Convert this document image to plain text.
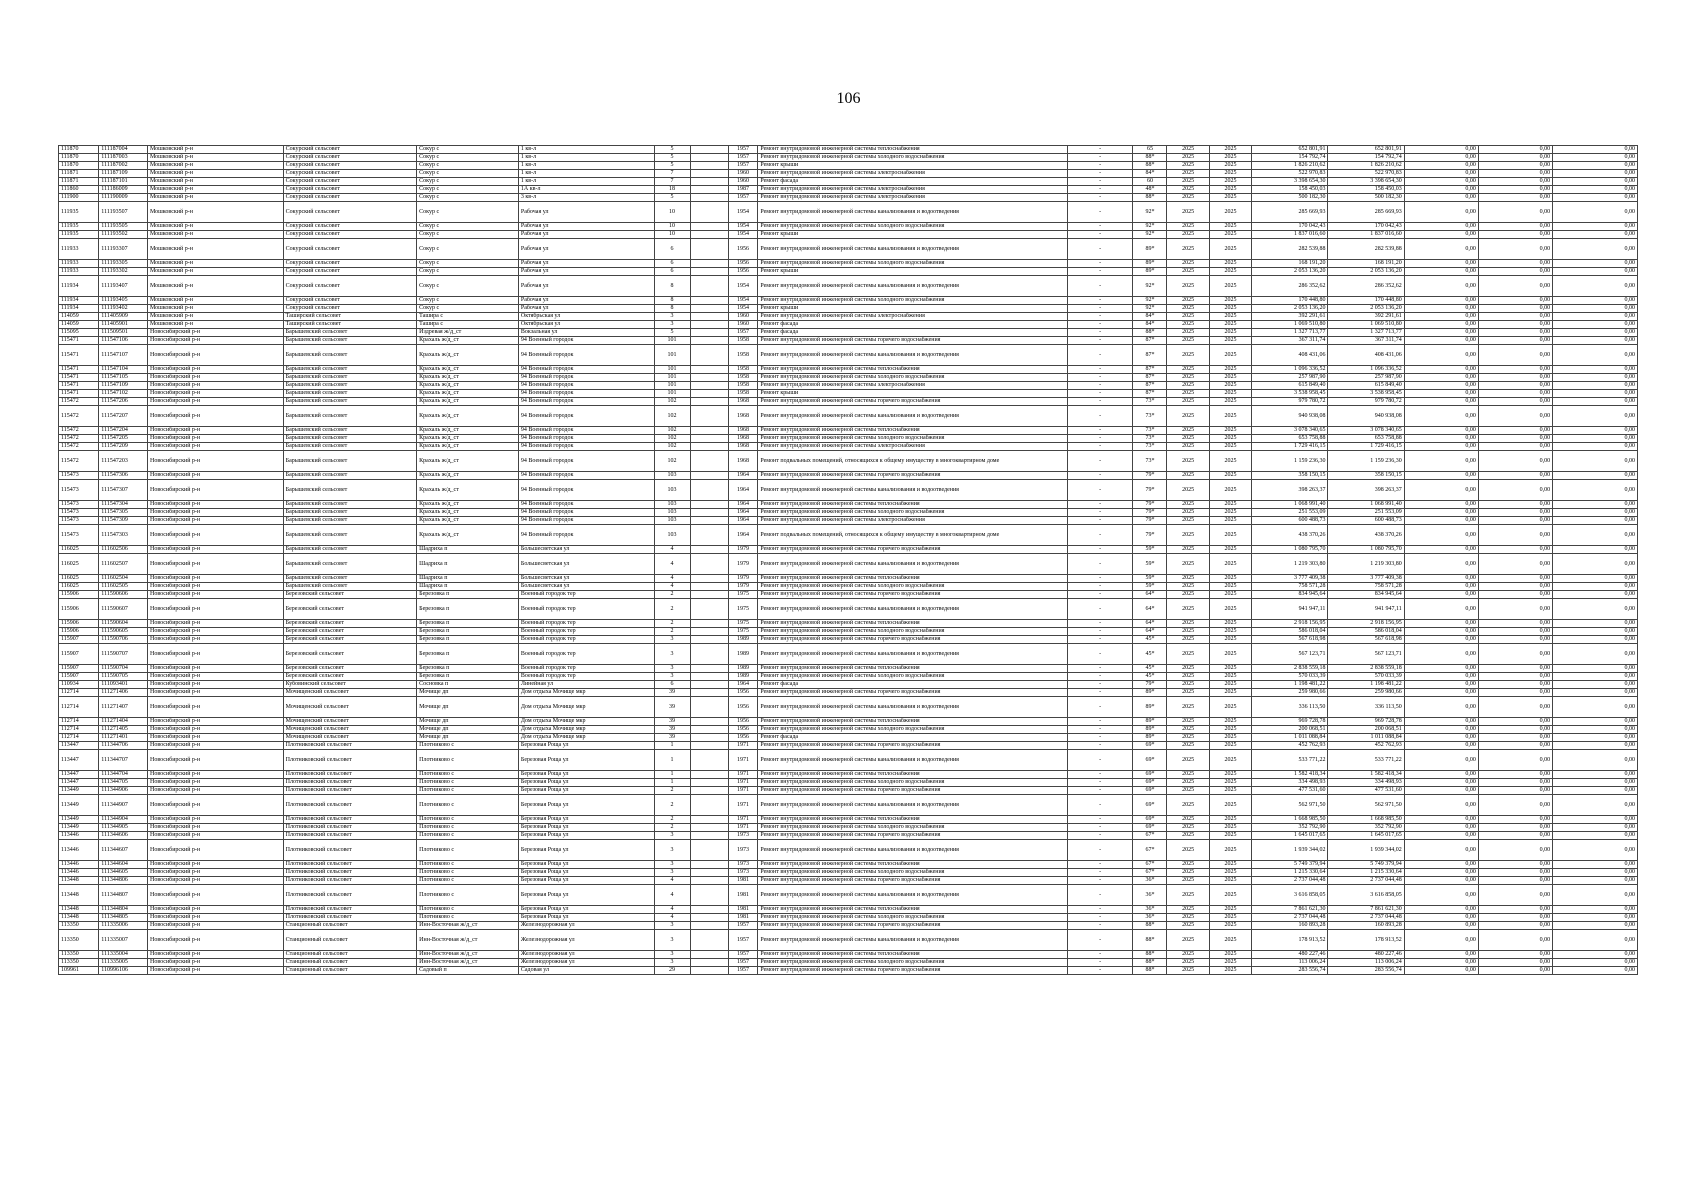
106
111870	111187004	Мошковский р-н	Сокурский сельсовет	Сокур с	1 кв-л	5		1957	Ремонт внутридомовой инженерной системы теплоснабжения	-	65	2025	2025	652 801,91	652 801,91	0,00	0,00	0,00
111870	111187003	Мошковский р-н	Сокурский сельсовет	Сокур с	1 кв-л	5		1957	Ремонт внутридомовой инженерной системы холодного водоснабжения	-	88*	2025	2025	154 792,74	154 792,74	0,00	0,00	0,00
111870	111187002	Мошковский р-н	Сокурский сельсовет	Сокур с	1 кв-л	5		1957	Ремонт крыши	-	88*	2025	2025	1 826 210,62	1 826 210,62	0,00	0,00	0,00
111871	111187109	Мошковский р-н	Сокурский сельсовет	Сокур с	1 кв-л	7		1960	Ремонт внутридомовой инженерной системы электроснабжения	-	84*	2025	2025	522 970,83	522 970,83	0,00	0,00	0,00
111871	111187101	Мошковский р-н	Сокурский сельсовет	Сокур с	1 кв-л	7		1960	Ремонт фасада	-	60	2025	2025	3 398 654,30	3 398 654,30	0,00	0,00	0,00
111860	111186009	Мошковский р-н	Сокурский сельсовет	Сокур с	1А кв-л	18		1987	Ремонт внутридомовой инженерной системы электроснабжения	-	48*	2025	2025	158 450,03	158 450,03	0,00	0,00	0,00
111900	111190009	Мошковский р-н	Сокурский сельсовет	Сокур с	3 кв-л	5		1957	Ремонт внутридомовой инженерной системы электроснабжения	-	88*	2025	2025	500 182,30	500 182,30	0,00	0,00	0,00
111935	111193507	Мошковский р-н	Сокурский сельсовет	Сокур с	Рабочая ул	10		1954	Ремонт внутридомовой инженерной системы канализования и водоотведения	-	92*	2025	2025	285 669,93	285 669,93	0,00	0,00	0,00
111935	111193505	Мошковский р-н	Сокурский сельсовет	Сокур с	Рабочая ул	10		1954	Ремонт внутридомовой инженерной системы холодного водоснабжения	-	92*	2025	2025	170 042,43	170 042,43	0,00	0,00	0,00
111935	111193502	Мошковский р-н	Сокурский сельсовет	Сокур с	Рабочая ул	10		1954	Ремонт крыши	-	92*	2025	2025	1 837 016,60	1 837 016,60	0,00	0,00	0,00
111933	111193307	Мошковский р-н	Сокурский сельсовет	Сокур с	Рабочая ул	6		1956	Ремонт внутридомовой инженерной системы канализования и водоотведения	-	89*	2025	2025	282 539,88	282 539,88	0,00	0,00	0,00
111933	111193305	Мошковский р-н	Сокурский сельсовет	Сокур с	Рабочая ул	6		1956	Ремонт внутридомовой инженерной системы холодного водоснабжения	-	89*	2025	2025	168 191,20	168 191,20	0,00	0,00	0,00
111933	111193302	Мошковский р-н	Сокурский сельсовет	Сокур с	Рабочая ул	6		1956	Ремонт крыши	-	89*	2025	2025	2 053 136,20	2 053 136,20	0,00	0,00	0,00
111934	111193407	Мошковский р-н	Сокурский сельсовет	Сокур с	Рабочая ул	8		1954	Ремонт внутридомовой инженерной системы канализования и водоотведения	-	92*	2025	2025	286 352,62	286 352,62	0,00	0,00	0,00
111934	111193405	Мошковский р-н	Сокурский сельсовет	Сокур с	Рабочая ул	8		1954	Ремонт внутридомовой инженерной системы холодного водоснабжения	-	92*	2025	2025	170 448,80	170 448,80	0,00	0,00	0,00
111934	111193402	Мошковский р-н	Сокурский сельсовет	Сокур с	Рабочая ул	8		1954	Ремонт крыши	-	92*	2025	2025	2 053 136,20	2 053 136,20	0,00	0,00	0,00
114059	111405909	Мошковский р-н	Таширский сельсовет	Ташира с	Октябрьская ул	3		1960	Ремонт внутридомовой инженерной системы электроснабжения	-	84*	2025	2025	392 291,61	392 291,61	0,00	0,00	0,00
114059	111405901	Мошковский р-н	Таширский сельсовет	Ташира с	Октябрьская ул	3		1960	Ремонт фасада	-	84*	2025	2025	1 069 510,80	1 069 510,80	0,00	0,00	0,00
115095	111509501	Новосибирский р-н	Барышевский сельсовет	Издревая ж/д_ст	Вокзальная ул	5		1957	Ремонт фасада	-	88*	2025	2025	1 327 713,77	1 327 713,77	0,00	0,00	0,00
115471	111547106	Новосибирский р-н	Барышевский сельсовет	Крахаль ж/д_ст	94 Военный городок	101		1958	Ремонт внутридомовой инженерной системы горячего водоснабжения	-	87*	2025	2025	367 311,74	367 311,74	0,00	0,00	0,00
115471	111547107	Новосибирский р-н	Барышевский сельсовет	Крахаль ж/д_ст	94 Военный городок	101		1958	Ремонт внутридомовой инженерной системы канализования и водоотведения	-	87*	2025	2025	408 431,06	408 431,06	0,00	0,00	0,00
115471	111547104	Новосибирский р-н	Барышевский сельсовет	Крахаль ж/д_ст	94 Военный городок	101		1958	Ремонт внутридомовой инженерной системы теплоснабжения	-	87*	2025	2025	1 096 336,52	1 096 336,52	0,00	0,00	0,00
115471	111547105	Новосибирский р-н	Барышевский сельсовет	Крахаль ж/д_ст	94 Военный городок	101		1958	Ремонт внутридомовой инженерной системы холодного водоснабжения	-	87*	2025	2025	257 987,90	257 987,90	0,00	0,00	0,00
115471	111547109	Новосибирский р-н	Барышевский сельсовет	Крахаль ж/д_ст	94 Военный городок	101		1958	Ремонт внутридомовой инженерной системы электроснабжения	-	87*	2025	2025	615 849,40	615 849,40	0,00	0,00	0,00
115471	111547102	Новосибирский р-н	Барышевский сельсовет	Крахаль ж/д_ст	94 Военный городок	101		1958	Ремонт крыши	-	87*	2025	2025	3 538 958,45	3 538 958,45	0,00	0,00	0,00
115472	111547206	Новосибирский р-н	Барышевский сельсовет	Крахаль ж/д_ст	94 Военный городок	102		1968	Ремонт внутридомовой инженерной системы горячего водоснабжения	-	73*	2025	2025	979 780,72	979 780,72	0,00	0,00	0,00
115472	111547207	Новосибирский р-н	Барышевский сельсовет	Крахаль ж/д_ст	94 Военный городок	102		1968	Ремонт внутридомовой инженерной системы канализования и водоотведения	-	73*	2025	2025	940 938,08	940 938,08	0,00	0,00	0,00
115472	111547204	Новосибирский р-н	Барышевский сельсовет	Крахаль ж/д_ст	94 Военный городок	102		1968	Ремонт внутридомовой инженерной системы теплоснабжения	-	73*	2025	2025	3 078 340,65	3 078 340,65	0,00	0,00	0,00
115472	111547205	Новосибирский р-н	Барышевский сельсовет	Крахаль ж/д_ст	94 Военный городок	102		1968	Ремонт внутридомовой инженерной системы холодного водоснабжения	-	73*	2025	2025	653 758,88	653 758,88	0,00	0,00	0,00
115472	111547209	Новосибирский р-н	Барышевский сельсовет	Крахаль ж/д_ст	94 Военный городок	102		1968	Ремонт внутридомовой инженерной системы электроснабжения	-	73*	2025	2025	1 729 416,15	1 729 416,15	0,00	0,00	0,00
115472	111547203	Новосибирский р-н	Барышевский сельсовет	Крахаль ж/д_ст	94 Военный городок	102		1968	Ремонт подвальных помещений, относящихся к общему имуществу в многоквартирном доме	-	73*	2025	2025	1 159 236,30	1 159 236,30	0,00	0,00	0,00
115473	111547306	Новосибирский р-н	Барышевский сельсовет	Крахаль ж/д_ст	94 Военный городок	103		1964	Ремонт внутридомовой инженерной системы горячего водоснабжения	-	79*	2025	2025	358 150,15	358 150,15	0,00	0,00	0,00
115473	111547307	Новосибирский р-н	Барышевский сельсовет	Крахаль ж/д_ст	94 Военный городок	103		1964	Ремонт внутридомовой инженерной системы канализования и водоотведения	-	79*	2025	2025	398 263,37	398 263,37	0,00	0,00	0,00
115473	111547304	Новосибирский р-н	Барышевский сельсовет	Крахаль ж/д_ст	94 Военный городок	103		1964	Ремонт внутридомовой инженерной системы теплоснабжения	-	79*	2025	2025	1 068 991,40	1 068 991,40	0,00	0,00	0,00
115473	111547305	Новосибирский р-н	Барышевский сельсовет	Крахаль ж/д_ст	94 Военный городок	103		1964	Ремонт внутридомовой инженерной системы холодного водоснабжения	-	79*	2025	2025	251 553,09	251 553,09	0,00	0,00	0,00
115473	111547309	Новосибирский р-н	Барышевский сельсовет	Крахаль ж/д_ст	94 Военный городок	103		1964	Ремонт внутридомовой инженерной системы электроснабжения	-	79*	2025	2025	600 488,73	600 488,73	0,00	0,00	0,00
115473	111547303	Новосибирский р-н	Барышевский сельсовет	Крахаль ж/д_ст	94 Военный городок	103		1964	Ремонт подвальных помещений, относящихся к общему имуществу в многоквартирном доме	-	79*	2025	2025	438 370,26	438 370,26	0,00	0,00	0,00
116025	111602506	Новосибирский р-н	Барышевский сельсовет	Шадриха п	Большесветская ул	4		1979	Ремонт внутридомовой инженерной системы горячего водоснабжения	-	59*	2025	2025	1 080 795,70	1 080 795,70	0,00	0,00	0,00
116025	111602507	Новосибирский р-н	Барышевский сельсовет	Шадриха п	Большесветская ул	4		1979	Ремонт внутридомовой инженерной системы канализования и водоотведения	-	59*	2025	2025	1 219 303,80	1 219 303,80	0,00	0,00	0,00
116025	111602504	Новосибирский р-н	Барышевский сельсовет	Шадриха п	Большесветская ул	4		1979	Ремонт внутридомовой инженерной системы теплоснабжения	-	59*	2025	2025	3 777 409,38	3 777 409,38	0,00	0,00	0,00
116025	111602505	Новосибирский р-н	Барышевский сельсовет	Шадриха п	Большесветская ул	4		1979	Ремонт внутридомовой инженерной системы холодного водоснабжения	-	59*	2025	2025	758 571,28	758 571,28	0,00	0,00	0,00
115906	111590606	Новосибирский р-н	Березовский сельсовет	Березовка п	Военный городок тер	2		1975	Ремонт внутридомовой инженерной системы горячего водоснабжения	-	64*	2025	2025	834 945,64	834 945,64	0,00	0,00	0,00
115906	111590607	Новосибирский р-н	Березовский сельсовет	Березовка п	Военный городок тер	2		1975	Ремонт внутридомовой инженерной системы канализования и водоотведения	-	64*	2025	2025	941 947,11	941 947,11	0,00	0,00	0,00
115906	111590604	Новосибирский р-н	Березовский сельсовет	Березовка п	Военный городок тер	2		1975	Ремонт внутридомовой инженерной системы теплоснабжения	-	64*	2025	2025	2 918 156,95	2 918 156,95	0,00	0,00	0,00
115906	111590605	Новосибирский р-н	Березовский сельсовет	Березовка п	Военный городок тер	2		1975	Ремонт внутридомовой инженерной системы холодного водоснабжения	-	64*	2025	2025	586 018,04	586 018,04	0,00	0,00	0,00
115907	111590706	Новосибирский р-н	Березовский сельсовет	Березовка п	Военный городок тер	3		1989	Ремонт внутридомовой инженерной системы горячего водоснабжения	-	45*	2025	2025	567 618,98	567 618,98	0,00	0,00	0,00
115907	111590707	Новосибирский р-н	Березовский сельсовет	Березовка п	Военный городок тер	3		1989	Ремонт внутридомовой инженерной системы канализования и водоотведения	-	45*	2025	2025	567 123,71	567 123,71	0,00	0,00	0,00
115907	111590704	Новосибирский р-н	Березовский сельсовет	Березовка п	Военный городок тер	3		1989	Ремонт внутридомовой инженерной системы теплоснабжения	-	45*	2025	2025	2 838 559,18	2 838 559,18	0,00	0,00	0,00
115907	111590705	Новосибирский р-н	Березовский сельсовет	Березовка п	Военный городок тер	3		1989	Ремонт внутридомовой инженерной системы холодного водоснабжения	-	45*	2025	2025	570 033,39	570 033,39	0,00	0,00	0,00
110934	111093401	Новосибирский р-н	Кубовинский сельсовет	Сосновка п	Линейная ул	6		1964	Ремонт фасада	-	79*	2025	2025	1 198 481,22	1 198 481,22	0,00	0,00	0,00
112714	111271406	Новосибирский р-н	Мочищенский сельсовет	Мочище дп	Дом отдыха Мочище мкр	39		1956	Ремонт внутридомовой инженерной системы горячего водоснабжения	-	89*	2025	2025	259 980,66	259 980,66	0,00	0,00	0,00
112714	111271407	Новосибирский р-н	Мочищенский сельсовет	Мочище дп	Дом отдыха Мочище мкр	39		1956	Ремонт внутридомовой инженерной системы канализования и водоотведения	-	89*	2025	2025	336 113,50	336 113,50	0,00	0,00	0,00
112714	111271404	Новосибирский р-н	Мочищенский сельсовет	Мочище дп	Дом отдыха Мочище мкр	39		1956	Ремонт внутридомовой инженерной системы теплоснабжения	-	89*	2025	2025	969 728,78	969 728,78	0,00	0,00	0,00
112714	111271405	Новосибирский р-н	Мочищенский сельсовет	Мочище дп	Дом отдыха Мочище мкр	39		1956	Ремонт внутридомовой инженерной системы холодного водоснабжения	-	89*	2025	2025	200 068,51	200 068,51	0,00	0,00	0,00
112714	111271401	Новосибирский р-н	Мочищенский сельсовет	Мочище дп	Дом отдыха Мочище мкр	39		1956	Ремонт фасада	-	89*	2025	2025	1 011 088,84	1 011 088,84	0,00	0,00	0,00
113447	111344706	Новосибирский р-н	Плотниковский сельсовет	Плотниково с	Березовая Роща ул	1		1971	Ремонт внутридомовой инженерной системы горячего водоснабжения	-	69*	2025	2025	452 762,93	452 762,93	0,00	0,00	0,00
113447	111344707	Новосибирский р-н	Плотниковский сельсовет	Плотниково с	Березовая Роща ул	1		1971	Ремонт внутридомовой инженерной системы канализования и водоотведения	-	69*	2025	2025	533 771,22	533 771,22	0,00	0,00	0,00
113447	111344704	Новосибирский р-н	Плотниковский сельсовет	Плотниково с	Березовая Роща ул	1		1971	Ремонт внутридомовой инженерной системы теплоснабжения	-	69*	2025	2025	1 582 418,34	1 582 418,34	0,00	0,00	0,00
113447	111344705	Новосибирский р-н	Плотниковский сельсовет	Плотниково с	Березовая Роща ул	1		1971	Ремонт внутридомовой инженерной системы холодного водоснабжения	-	69*	2025	2025	334 498,93	334 498,93	0,00	0,00	0,00
113449	111344906	Новосибирский р-н	Плотниковский сельсовет	Плотниково с	Березовая Роща ул	2		1971	Ремонт внутридомовой инженерной системы горячего водоснабжения	-	69*	2025	2025	477 531,60	477 531,60	0,00	0,00	0,00
113449	111344907	Новосибирский р-н	Плотниковский сельсовет	Плотниково с	Березовая Роща ул	2		1971	Ремонт внутридомовой инженерной системы канализования и водоотведения	-	69*	2025	2025	562 971,50	562 971,50	0,00	0,00	0,00
113449	111344904	Новосибирский р-н	Плотниковский сельсовет	Плотниково с	Березовая Роща ул	2		1971	Ремонт внутридомовой инженерной системы теплоснабжения	-	69*	2025	2025	1 668 985,50	1 668 985,50	0,00	0,00	0,00
113449	111344905	Новосибирский р-н	Плотниковский сельсовет	Плотниково с	Березовая Роща ул	2		1971	Ремонт внутридомовой инженерной системы холодного водоснабжения	-	69*	2025	2025	352 792,90	352 792,90	0,00	0,00	0,00
113446	111344606	Новосибирский р-н	Плотниковский сельсовет	Плотниково с	Березовая Роща ул	3		1973	Ремонт внутридомовой инженерной системы горячего водоснабжения	-	67*	2025	2025	1 645 017,65	1 645 017,65	0,00	0,00	0,00
113446	111344607	Новосибирский р-н	Плотниковский сельсовет	Плотниково с	Березовая Роща ул	3		1973	Ремонт внутридомовой инженерной системы канализования и водоотведения	-	67*	2025	2025	1 939 344,02	1 939 344,02	0,00	0,00	0,00
113446	111344604	Новосибирский р-н	Плотниковский сельсовет	Плотниково с	Березовая Роща ул	3		1973	Ремонт внутридомовой инженерной системы теплоснабжения	-	67*	2025	2025	5 749 379,94	5 749 379,94	0,00	0,00	0,00
113446	111344605	Новосибирский р-н	Плотниковский сельсовет	Плотниково с	Березовая Роща ул	3		1973	Ремонт внутридомовой инженерной системы холодного водоснабжения	-	67*	2025	2025	1 215 330,64	1 215 330,64	0,00	0,00	0,00
113448	111344806	Новосибирский р-н	Плотниковский сельсовет	Плотниково с	Березовая Роща ул	4		1981	Ремонт внутридомовой инженерной системы горячего водоснабжения	-	36*	2025	2025	2 737 044,48	2 737 044,48	0,00	0,00	0,00
113448	111344807	Новосибирский р-н	Плотниковский сельсовет	Плотниково с	Березовая Роща ул	4		1981	Ремонт внутридомовой инженерной системы канализования и водоотведения	-	36*	2025	2025	3 616 858,05	3 616 858,05	0,00	0,00	0,00
113448	111344804	Новосибирский р-н	Плотниковский сельсовет	Плотниково с	Березовая Роща ул	4		1981	Ремонт внутридомовой инженерной системы теплоснабжения	-	36*	2025	2025	7 861 621,30	7 861 621,30	0,00	0,00	0,00
113448	111344805	Новосибирский р-н	Плотниковский сельсовет	Плотниково с	Березовая Роща ул	4		1981	Ремонт внутридомовой инженерной системы холодного водоснабжения	-	36*	2025	2025	2 737 044,48	2 737 044,48	0,00	0,00	0,00
113350	111335006	Новосибирский р-н	Станционный сельсовет	Инн-Восточная ж/д_ст	Железнодорожная ул	3		1957	Ремонт внутридомовой инженерной системы горячего водоснабжения	-	88*	2025	2025	160 893,28	160 893,28	0,00	0,00	0,00
113350	111335007	Новосибирский р-н	Станционный сельсовет	Инн-Восточная ж/д_ст	Железнодорожная ул	3		1957	Ремонт внутридомовой инженерной системы канализования и водоотведения	-	88*	2025	2025	178 913,52	178 913,52	0,00	0,00	0,00
113350	111335004	Новосибирский р-н	Станционный сельсовет	Инн-Восточная ж/д_ст	Железнодорожная ул	3		1957	Ремонт внутридомовой инженерной системы теплоснабжения	-	88*	2025	2025	480 227,46	480 227,46	0,00	0,00	0,00
113350	111335005	Новосибирский р-н	Станционный сельсовет	Инн-Восточная ж/д_ст	Железнодорожная ул	3		1957	Ремонт внутридомовой инженерной системы холодного водоснабжения	-	88*	2025	2025	113 006,24	113 006,24	0,00	0,00	0,00
109961	110996106	Новосибирский р-н	Станционный сельсовет	Садовый п	Садовая ул	29		1957	Ремонт внутридомовой инженерной системы горячего водоснабжения	-	88*	2025	2025	283 556,74	283 556,74	0,00	0,00	0,00
